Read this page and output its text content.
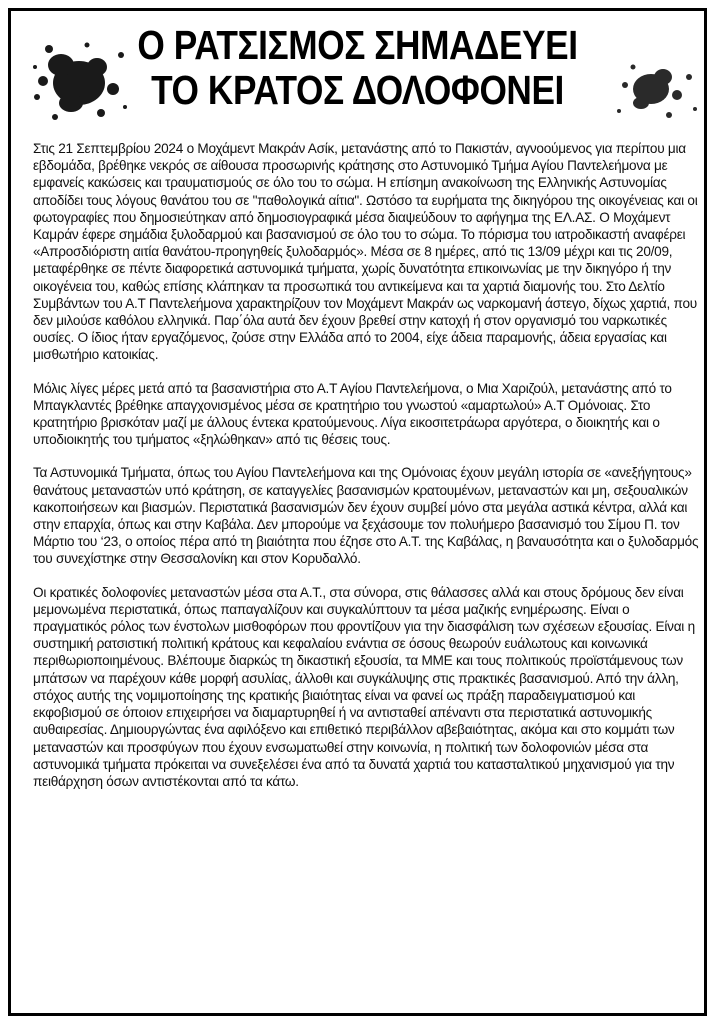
Ο ΡΑΤΣΙΣΜΟΣ ΣΗΜΑΔΕΥΕΙ
ΤΟ ΚΡΑΤΟΣ ΔΟΛΟΦΟΝΕΙ

Στις 21 Σεπτεμβρίου 2024 ο Μοχάμεντ Μακράν Ασίκ, μετανάστης από το Πακιστάν, αγνοούμενος για περίπου μια εβδομάδα, βρέθηκε νεκρός σε αίθουσα προσωρινής κράτησης στο Αστυνομικό Τμήμα Αγίου Παντελεήμονα με εμφανείς κακώσεις και τραυματισμούς σε όλο του το σώμα. Η επίσημη ανακοίνωση της Ελληνικής Αστυνομίας αποδίδει τους λόγους θανάτου του σε "παθολογικά αίτια". Ωστόσο τα ευρήματα της δικηγόρου της οικογένειας και οι φωτογραφίες που δημοσιεύτηκαν από δημοσιογραφικά μέσα διαψεύδουν το αφήγημα της ΕΛ.ΑΣ. Ο Μοχάμεντ Καμράν έφερε σημάδια ξυλοδαρμού και βασανισμού σε όλο του το σώμα. Το πόρισμα του ιατροδικαστή αναφέρει «Απροσδιόριστη αιτία θανάτου-προηγηθείς ξυλοδαρμός». Μέσα σε 8 ημέρες, από τις 13/09 μέχρι και τις 20/09, μεταφέρθηκε σε πέντε διαφορετικά αστυνομικά τμήματα, χωρίς δυνατότητα επικοινωνίας με την δικηγόρο ή την οικογένεια του, καθώς επίσης κλάπηκαν τα προσωπικά του αντικείμενα και τα χαρτιά διαμονής του. Στο Δελτίο Συμβάντων του Α.Τ Παντελεήμονα χαρακτηρίζουν τον Μοχάμεντ Μακράν ως ναρκομανή άστεγο, δίχως χαρτιά, που δεν μιλούσε καθόλου ελληνικά. Παρ΄όλα αυτά δεν έχουν βρεθεί στην κατοχή ή στον οργανισμό του ναρκωτικές ουσίες. Ο ίδιος ήταν εργαζόμενος, ζούσε στην Ελλάδα από το 2004, είχε άδεια παραμονής, άδεια εργασίας και μισθωτήριο κατοικίας.

Μόλις λίγες μέρες μετά από τα βασανιστήρια στο Α.Τ Αγίου Παντελεήμονα, ο Μια Χαριζούλ, μετανάστης από το Μπαγκλαντές βρέθηκε απαγχονισμένος μέσα σε κρατητήριο του γνωστού «αμαρτωλού» Α.Τ Ομόνοιας. Στο κρατητήριο βρισκόταν μαζί με άλλους έντεκα κρατούμενους. Λίγα εικοσιτετράωρα αργότερα, ο διοικητής και ο υποδιοικητής του τμήματος «ξηλώθηκαν» από τις θέσεις τους.

Τα Αστυνομικά Τμήματα, όπως του Αγίου Παντελεήμονα και της Ομόνοιας έχουν μεγάλη ιστορία σε «ανεξήγητους» θανάτους μεταναστών υπό κράτηση, σε καταγγελίες βασανισμών κρατουμένων, μεταναστών και μη, σεξουαλικών κακοποιήσεων και βιασμών. Περιστατικά βασανισμών δεν έχουν συμβεί μόνο στα μεγάλα αστικά κέντρα, αλλά και στην επαρχία, όπως και στην Καβάλα. Δεν μπορούμε να ξεχάσουμε τον πολυήμερο βασανισμό του Σίμου Π. τον Μάρτιο του ‘23, ο οποίος πέρα από τη βιαιότητα που έζησε στο Α.Τ. της Καβάλας, η βαναυσότητα και ο ξυλοδαρμός του συνεχίστηκε στην Θεσσαλονίκη και στον Κορυδαλλό.

Οι κρατικές δολοφονίες μεταναστών μέσα στα Α.Τ., στα σύνορα, στις θάλασσες αλλά και στους δρόμους δεν είναι μεμονωμένα περιστατικά, όπως παπαγαλίζουν και συγκαλύπτουν τα μέσα μαζικής ενημέρωσης. Είναι ο πραγματικός ρόλος των ένστολων μισθοφόρων που φροντίζουν για την διασφάλιση των σχέσεων εξουσίας. Είναι η συστημική ρατσιστική πολιτική κράτους και κεφαλαίου ενάντια σε όσους θεωρούν ευάλωτους και κοινωνικά περιθωριοποιημένους. Βλέπουμε διαρκώς τη δικαστική εξουσία, τα ΜΜΕ και τους πολιτικούς προϊστάμενους των μπάτσων να παρέχουν κάθε μορφή ασυλίας, άλλοθι και συγκάλυψης στις πρακτικές βασανισμού. Από την άλλη, στόχος αυτής της νομιμοποίησης της κρατικής βιαιότητας είναι να φανεί ως πράξη παραδειγματισμού και εκφοβισμού σε όποιον επιχειρήσει να διαμαρτυρηθεί ή να αντισταθεί απέναντι στα περιστατικά αστυνομικής αυθαιρεσίας. Δημιουργώντας ένα αφιλόξενο και επιθετικό περιβάλλον αβεβαιότητας, ακόμα και στο κομμάτι των μεταναστών και προσφύγων που έχουν ενσωματωθεί στην κοινωνία, η πολιτική των δολοφονιών μέσα στα αστυνομικά τμήματα πρόκειται να συνεξελέσει ένα από τα δυνατά χαρτιά του κατασταλτικού μηχανισμού για την πειθάρχηση όσων αντιστέκονται από τα κάτω.
